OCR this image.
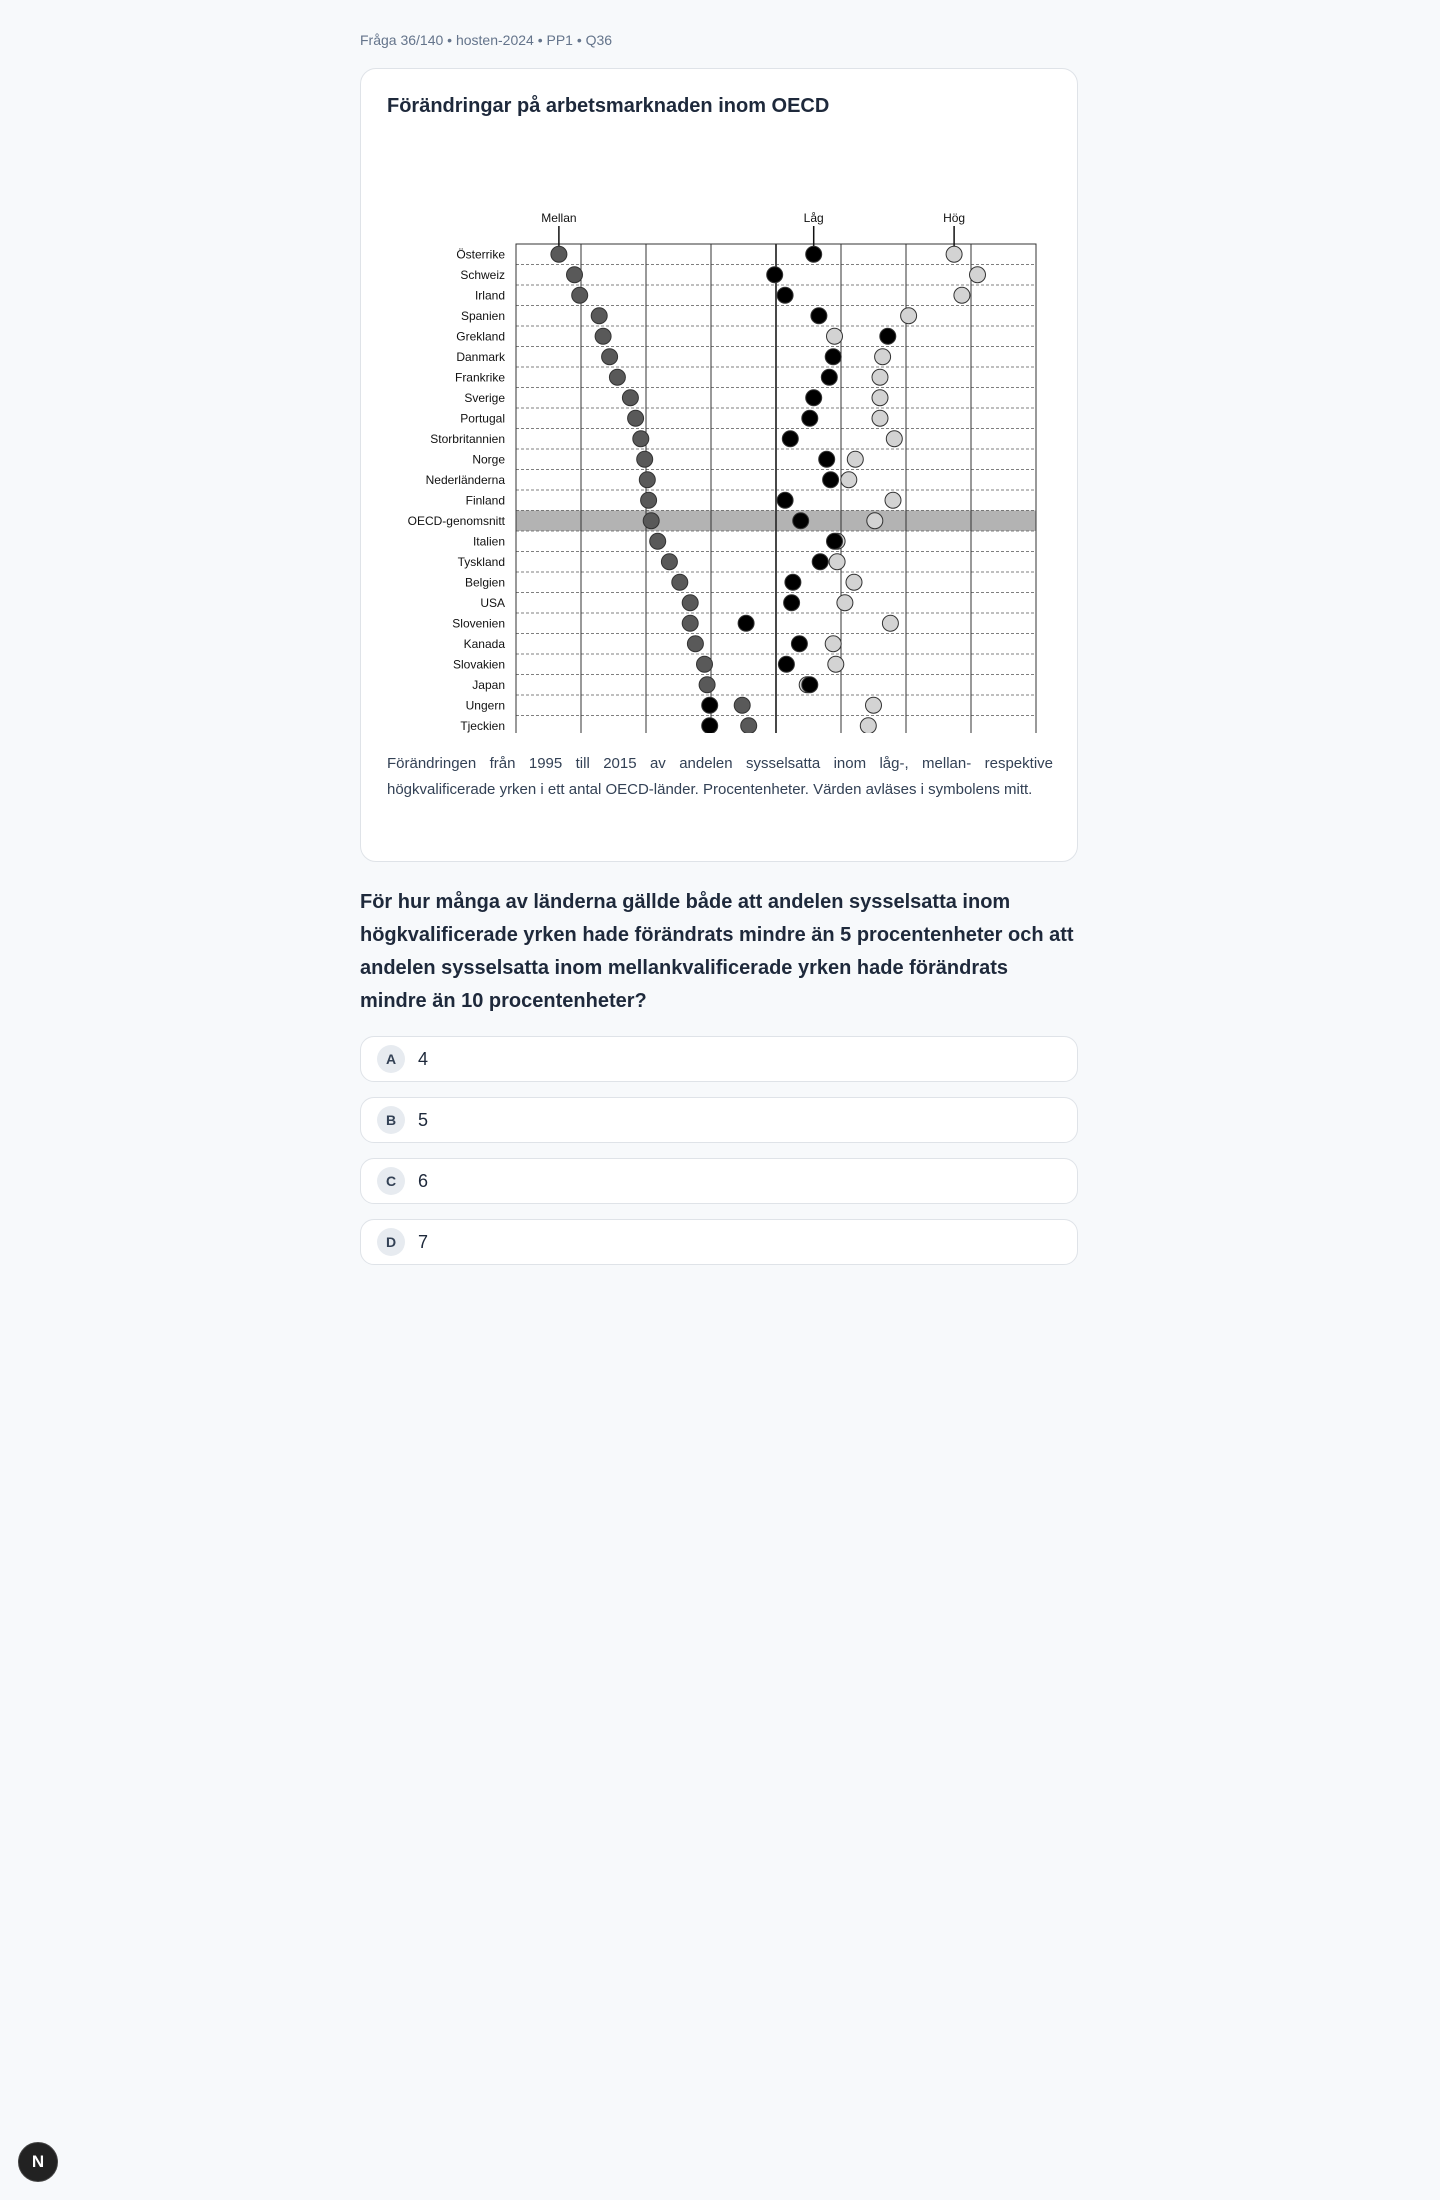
Fråga 36/140 • hosten-2024 • PP1 • Q36
Förändringar på arbetsmarknaden inom OECD
Österrike
Schweiz
Irland
Spanien
Grekland
Danmark
Frankrike
Sverige
Portugal
Storbritannien
Norge
Nederländerna
Finland
OECD-genomsnitt
Italien
Tyskland
Belgien
USA
Slovenien
Kanada
Slovakien
Japan
Ungern
Tjeckien
Mellan	Låg	Hög
Förändringen från 1995 till 2015 av andelen sysselsatta inom låg-, mellan- respektive högkvalificerade yrken i ett antal OECD-länder. Procentenheter. Värden avläses i symbolens mitt.
För hur många av länderna gällde både att andelen sysselsatta inom högkvalificerade yrken hade förändrats mindre än 5 procentenheter och att andelen sysselsatta inom mellankvalificerade yrken hade förändrats mindre än 10 procentenheter?
A	4
B	5
C	6
D	7
N
